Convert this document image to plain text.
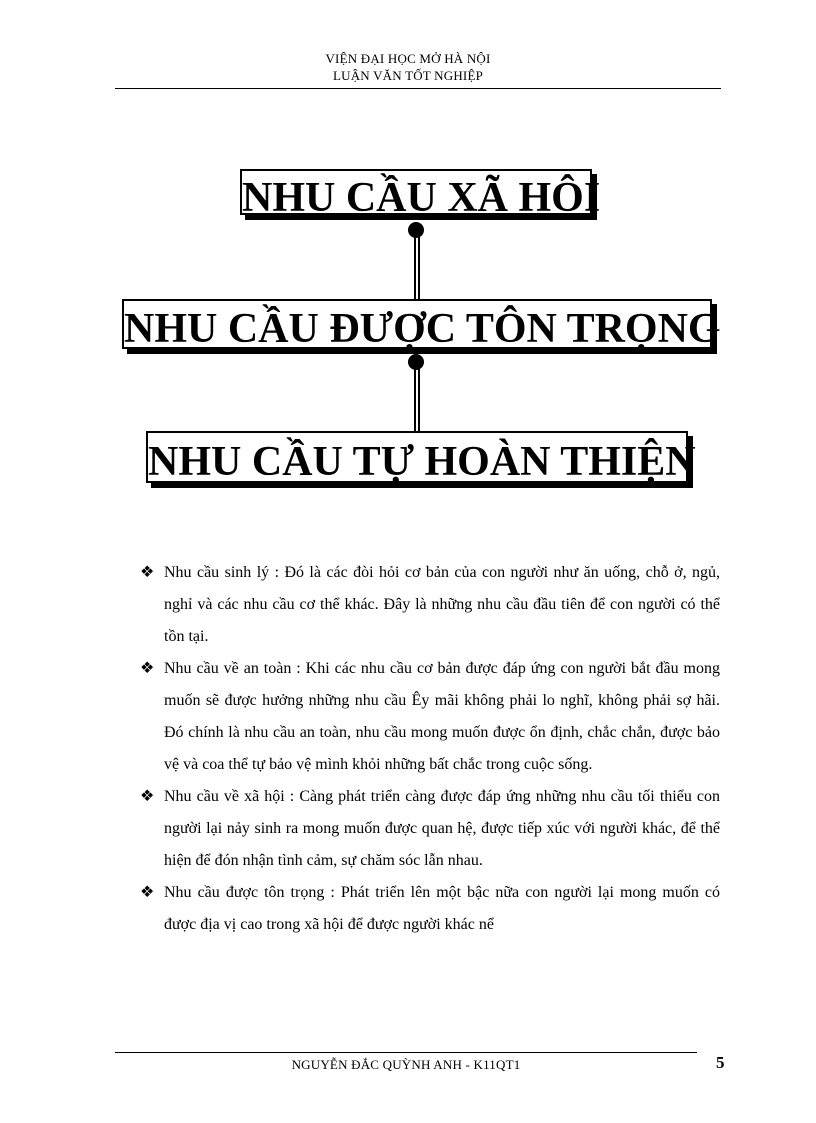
VIỆN ĐẠI HỌC MỞ HÀ NỘI
LUẬN VĂN TỐT NGHIỆP
NHU CẦU XÃ HỘI
NHU CẦU ĐƯỢC TÔN TRỌNG
NHU CẦU TỰ HOÀN THIỆN
❖ Nhu cầu sinh lý : Đó là các đòi hỏi cơ bản của con người như ăn uống, chỗ ở, ngủ, nghỉ và các nhu cầu cơ thể khác. Đây là những nhu cầu đầu tiên để con người có thể tồn tại.
❖ Nhu cầu về an toàn : Khi các nhu cầu cơ bản được đáp ứng con người bắt đầu mong muốn sẽ được hưởng những nhu cầu Êy mãi không phải lo nghĩ, không phải sợ hãi. Đó chính là nhu cầu an toàn, nhu cầu mong muốn được ổn định, chắc chắn, được bảo vệ và coa thể tự bảo vệ mình khỏi những bất chắc trong cuộc sống.
❖ Nhu cầu về xã hội : Càng phát triển càng được đáp ứng những nhu cầu tối thiểu con người lại nảy sinh ra mong muốn được quan hệ, được tiếp xúc với người khác, để thể hiện để đón nhận tình cảm, sự chăm sóc lẫn nhau.
❖ Nhu cầu được tôn trọng : Phát triển lên một bậc nữa con người lại mong muốn có được địa vị cao trong xã hội để được người khác nể
NGUYỄN ĐẮC QUỲNH ANH - K11QT1	5
